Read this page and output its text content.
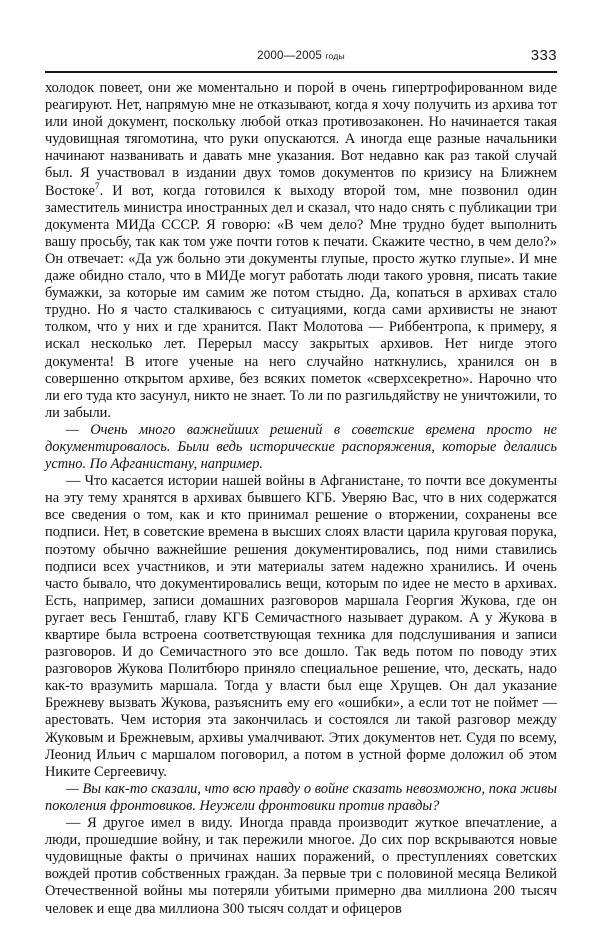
2000—2005 годы	333

холодок повеет, они же моментально и порой в очень гипертрофированном виде реагируют. Нет, напрямую мне не отказывают, когда я хочу получить из архива тот или иной документ, поскольку любой отказ противозаконен. Но начинается такая чудовищная тягомотина, что руки опускаются. А иногда еще разные начальники начинают названивать и давать мне указания. Вот недавно как раз такой случай был. Я участвовал в издании двух томов документов по кризису на Ближнем Востоке$^7$. И вот, когда готовился к выходу второй том, мне позвонил один заместитель министра иностранных дел и сказал, что надо снять с публикации три документа МИДа СССР. Я говорю: «В чем дело? Мне трудно будет выполнить вашу просьбу, так как том уже почти готов к печати. Скажите честно, в чем дело?» Он отвечает: «Да уж больно эти документы глупые, просто жутко глупые». И мне даже обидно стало, что в МИДе могут работать люди такого уровня, писать такие бумажки, за которые им самим же потом стыдно. Да, копаться в архивах стало трудно. Но я часто сталкиваюсь с ситуациями, когда сами архивисты не знают толком, что у них и где хранится. Пакт Молотова — Риббентропа, к примеру, я искал несколько лет. Перерыл массу закрытых архивов. Нет нигде этого документа! В итоге ученые на него случайно наткнулись, хранился он в совершенно открытом архиве, без всяких пометок «сверхсекретно». Нарочно что ли его туда кто засунул, никто не знает. То ли по разгильдяйству не уничтожили, то ли забыли.

— Очень много важнейших решений в советские времена просто не документировалось. Были ведь исторические распоряжения, которые делались устно. По Афганистану, например.

— Что касается истории нашей войны в Афганистане, то почти все документы на эту тему хранятся в архивах бывшего КГБ. Уверяю Вас, что в них содержатся все сведения о том, как и кто принимал решение о вторжении, сохранены все подписи. Нет, в советские времена в высших слоях власти царила круговая порука, поэтому обычно важнейшие решения документировались, под ними ставились подписи всех участников, и эти материалы затем надежно хранились. И очень часто бывало, что документировались вещи, которым по идее не место в архивах. Есть, например, записи домашних разговоров маршала Георгия Жукова, где он ругает весь Генштаб, главу КГБ Семичастного называет дураком. А у Жукова в квартире была встроена соответствующая техника для подслушивания и записи разговоров. И до Семичастного это все дошло. Так ведь потом по поводу этих разговоров Жукова Политбюро приняло специальное решение, что, дескать, надо как-то вразумить маршала. Тогда у власти был еще Хрущев. Он дал указание Брежневу вызвать Жукова, разъяснить ему его «ошибки», а если тот не поймет — арестовать. Чем история эта закончилась и состоялся ли такой разговор между Жуковым и Брежневым, архивы умалчивают. Этих документов нет. Судя по всему, Леонид Ильич с маршалом поговорил, а потом в устной форме доложил об этом Никите Сергеевичу.

— Вы как-то сказали, что всю правду о войне сказать невозможно, пока живы поколения фронтовиков. Неужели фронтовики против правды?

— Я другое имел в виду. Иногда правда производит жуткое впечатление, а люди, прошедшие войну, и так пережили многое. До сих пор вскрываются новые чудовищные факты о причинах наших поражений, о преступлениях советских вождей против собственных граждан. За первые три с половиной месяца Великой Отечественной войны мы потеряли убитыми примерно два миллиона 200 тысяч человек и еще два миллиона 300 тысяч солдат и офицеров
